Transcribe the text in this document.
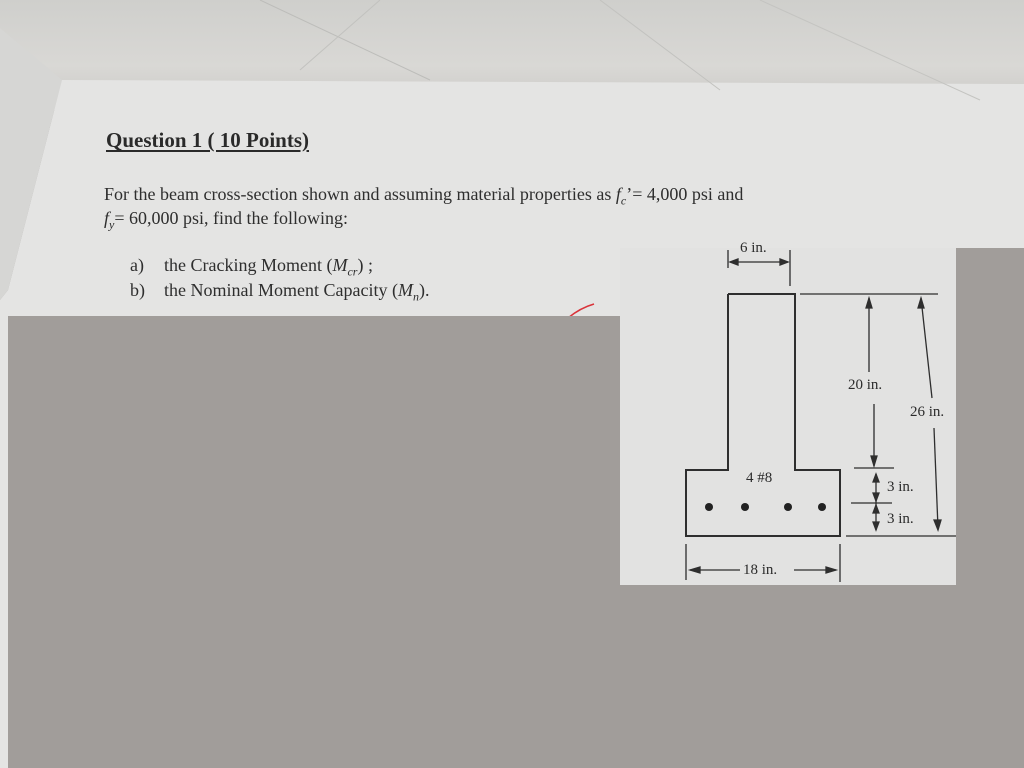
Question 1 ( 10 Points)
For the beam cross-section shown and assuming material properties as $f_c’= 4,000$ psi and
$f_y= 60,000$ psi, find the following:
a) the Cracking Moment $(M_{cr})$ ;
b) the Nominal Moment Capacity $(M_n)$.
6 in.
20 in.
26 in.
4 #8
3 in.
3 in.
18 in.
